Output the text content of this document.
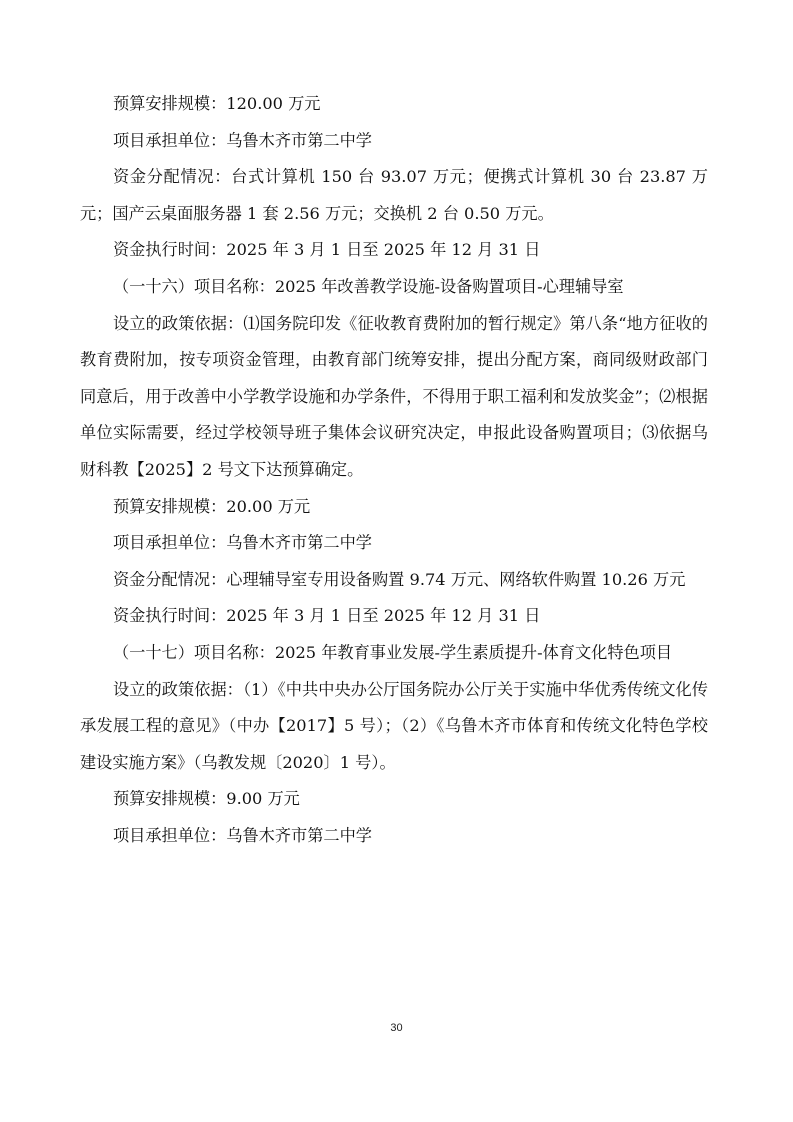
预算安排规模：120.00 万元

项目承担单位：乌鲁木齐市第二中学

资金分配情况：台式计算机 150 台 93.07 万元；便携式计算机 30 台 23.87 万元；国产云桌面服务器 1 套 2.56 万元；交换机 2 台 0.50 万元。

资金执行时间：2025 年 3 月 1 日至 2025 年 12 月 31 日

（一十六）项目名称：2025 年改善教学设施-设备购置项目-心理辅导室

设立的政策依据：⑴国务院印发《征收教育费附加的暂行规定》第八条“地方征收的教育费附加，按专项资金管理，由教育部门统筹安排，提出分配方案，商同级财政部门同意后，用于改善中小学教学设施和办学条件，不得用于职工福利和发放奖金”；⑵根据单位实际需要，经过学校领导班子集体会议研究决定，申报此设备购置项目；⑶依据乌财科教【2025】2 号文下达预算确定。

预算安排规模：20.00 万元

项目承担单位：乌鲁木齐市第二中学

资金分配情况：心理辅导室专用设备购置 9.74 万元、网络软件购置 10.26 万元

资金执行时间：2025 年 3 月 1 日至 2025 年 12 月 31 日

（一十七）项目名称：2025 年教育事业发展-学生素质提升-体育文化特色项目

设立的政策依据：（1）《中共中央办公厅国务院办公厅关于实施中华优秀传统文化传承发展工程的意见》（中办【2017】5 号）；（2）《乌鲁木齐市体育和传统文化特色学校建设实施方案》（乌教发规〔2020〕1 号）。

预算安排规模：9.00 万元

项目承担单位：乌鲁木齐市第二中学

30
